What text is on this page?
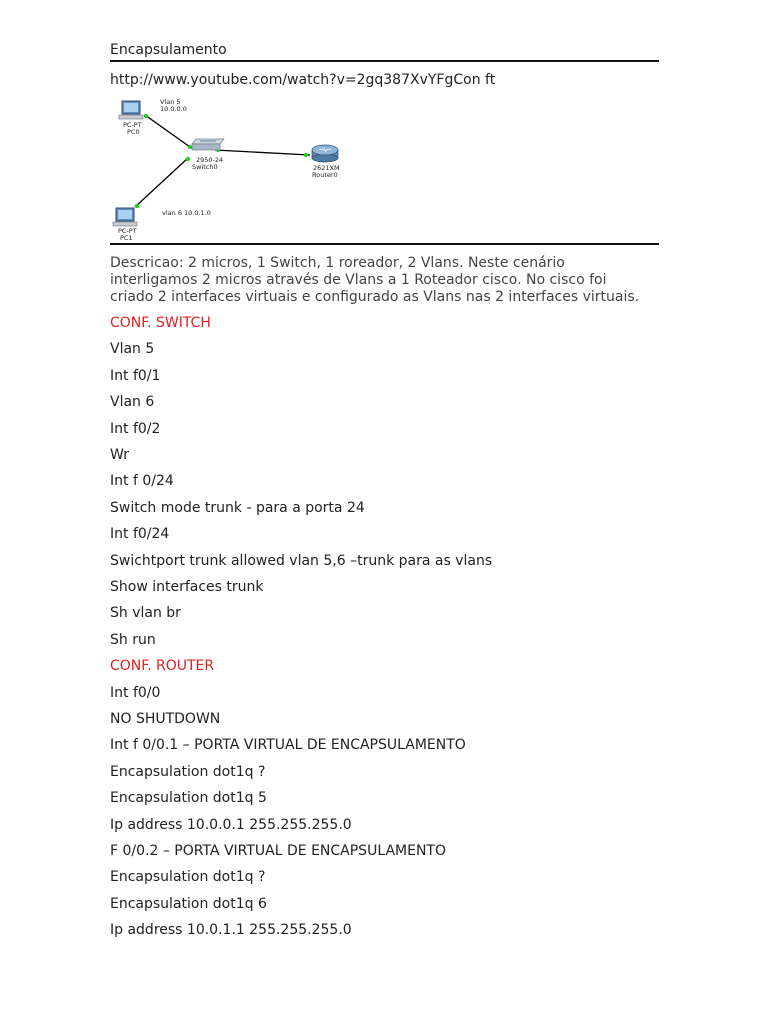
Encapsulamento
http://www.youtube.com/watch?v=2gq387XvYFgCon ft
PC-PT
PC0
Vlan 5
10.0.0.0
2950-24
Switch0	2621XM
Router0
PC-PT
PC1
vlan 6 10.0.1.0
Descricao: 2 micros, 1 Switch, 1 roreador, 2 Vlans. Neste cenário
interligamos 2 micros através de Vlans a 1 Roteador cisco. No cisco foi
criado 2 interfaces virtuais e configurado as Vlans nas 2 interfaces virtuais.
CONF. SWITCH
Vlan 5
Int f0/1
Vlan 6
Int f0/2
Wr
Int f 0/24
Switch mode trunk - para a porta 24
Int f0/24
Swichtport trunk allowed vlan 5,6 –trunk para as vlans
Show interfaces trunk
Sh vlan br
Sh run
CONF. ROUTER
Int f0/0
NO SHUTDOWN
Int f 0/0.1 – PORTA VIRTUAL DE ENCAPSULAMENTO
Encapsulation dot1q ?
Encapsulation dot1q 5
Ip address 10.0.0.1 255.255.255.0
F 0/0.2 – PORTA VIRTUAL DE ENCAPSULAMENTO
Encapsulation dot1q ?
Encapsulation dot1q 6
Ip address 10.0.1.1 255.255.255.0
